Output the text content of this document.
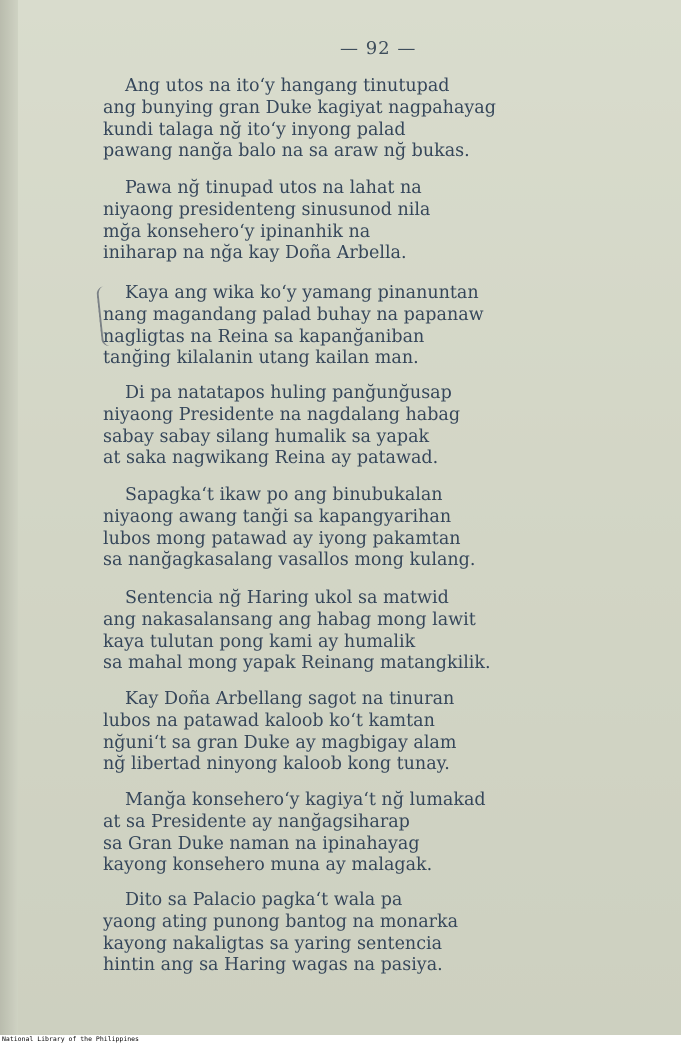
— 92 —
Ang utos na ito‘y hangang tinutupad
ang bunying gran Duke kagiyat nagpahayag
kundi talaga nğ ito‘y inyong palad
pawang nanğa balo na sa araw nğ bukas.
Pawa nğ tinupad utos na lahat na
niyaong presidenteng sinusunod nila
mğa konsehero‘y ipinanhik na
iniharap na nğa kay Doña Arbella.
Kaya ang wika ko‘y yamang pinanuntan
nang magandang palad buhay na papanaw
nagligtas na Reina sa kapanğaniban
tanğing kilalanin utang kailan man.
Di pa natatapos huling panğunğusap
niyaong Presidente na nagdalang habag
sabay sabay silang humalik sa yapak
at saka nagwikang Reina ay patawad.
Sapagka‘t ikaw po ang binubukalan
niyaong awang tanği sa kapangyarihan
lubos mong patawad ay iyong pakamtan
sa nanğagkasalang vasallos mong kulang.
Sentencia nğ Haring ukol sa matwid
ang nakasalansang ang habag mong lawit
kaya tulutan pong kami ay humalik
sa mahal mong yapak Reinang matangkilik.
Kay Doña Arbellang sagot na tinuran
lubos na patawad kaloob ko‘t kamtan
nğuni‘t sa gran Duke ay magbigay alam
nğ libertad ninyong kaloob kong tunay.
Manğa konsehero‘y kagiya‘t nğ lumakad
at sa Presidente ay nanğagsiharap
sa Gran Duke naman na ipinahayag
kayong konsehero muna ay malagak.
Dito sa Palacio pagka‘t wala pa
yaong ating punong bantog na monarka
kayong nakaligtas sa yaring sentencia
hintin ang sa Haring wagas na pasiya.
National Library of the Philippines
